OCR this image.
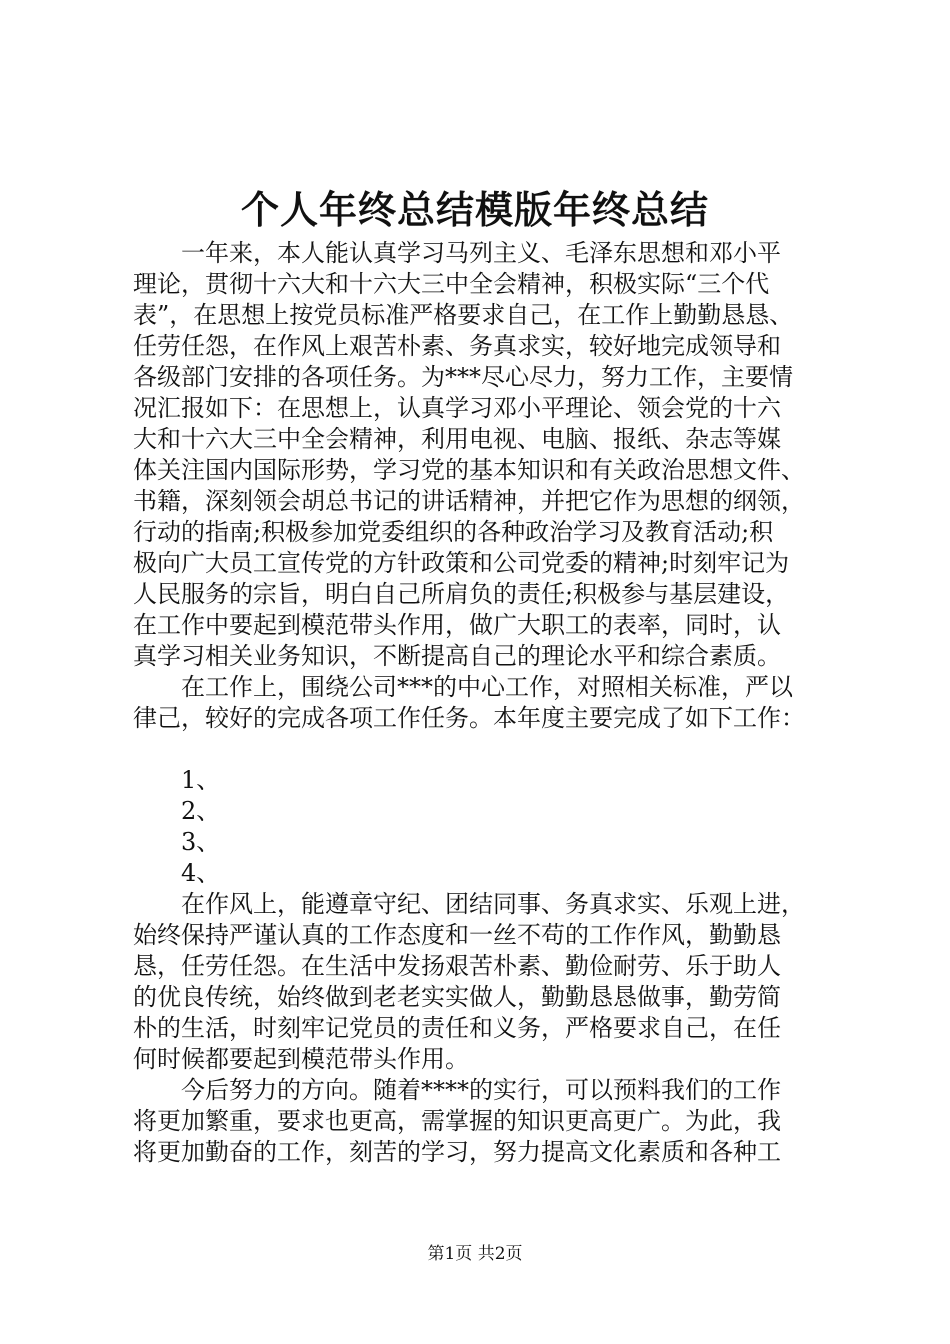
个人年终总结模版年终总结
　　一年来，本人能认真学习马列主义、毛泽东思想和邓小平
理论，贯彻十六大和十六大三中全会精神，积极实际“三个代
表”，在思想上按党员标准严格要求自己，在工作上勤勤恳恳、
任劳任怨，在作风上艰苦朴素、务真求实，较好地完成领导和
各级部门安排的各项任务。为***尽心尽力，努力工作，主要情
况汇报如下：在思想上，认真学习邓小平理论、领会党的十六
大和十六大三中全会精神，利用电视、电脑、报纸、杂志等媒
体关注国内国际形势，学习党的基本知识和有关政治思想文件、
书籍，深刻领会胡总书记的讲话精神，并把它作为思想的纲领，
行动的指南;积极参加党委组织的各种政治学习及教育活动;积
极向广大员工宣传党的方针政策和公司党委的精神;时刻牢记为
人民服务的宗旨，明白自己所肩负的责任;积极参与基层建设，
在工作中要起到模范带头作用，做广大职工的表率，同时，认
真学习相关业务知识，不断提高自己的理论水平和综合素质。
　　在工作上，围绕公司***的中心工作，对照相关标准，严以
律己，较好的完成各项工作任务。本年度主要完成了如下工作：
　　1、
　　2、
　　3、
　　4、
　　在作风上，能遵章守纪、团结同事、务真求实、乐观上进，
始终保持严谨认真的工作态度和一丝不苟的工作作风，勤勤恳
恳，任劳任怨。在生活中发扬艰苦朴素、勤俭耐劳、乐于助人
的优良传统，始终做到老老实实做人，勤勤恳恳做事，勤劳简
朴的生活，时刻牢记党员的责任和义务，严格要求自己，在任
何时候都要起到模范带头作用。
　　今后努力的方向。随着****的实行，可以预料我们的工作
将更加繁重，要求也更高，需掌握的知识更高更广。为此，我
将更加勤奋的工作，刻苦的学习，努力提高文化素质和各种工
第1页 共2页
